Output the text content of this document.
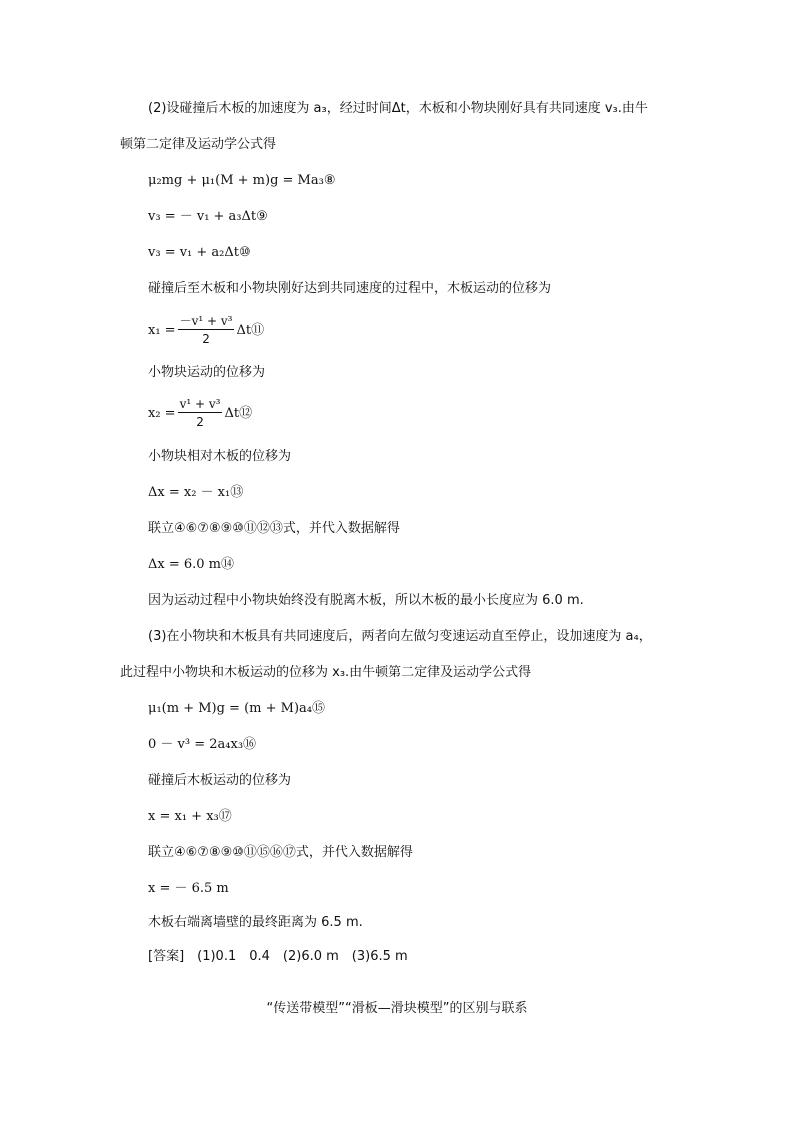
(2)设碰撞后木板的加速度为 a₃，经过时间Δt，木板和小物块刚好具有共同速度 v₃.由牛
顿第二定律及运动学公式得
μ₂mg + μ₁(M + m)g = Ma₃⑧
v₃ = － v₁ + a₃Δt⑨
v₃ = v₁ + a₂Δt⑩
碰撞后至木板和小物块刚好达到共同速度的过程中，木板运动的位移为
$x_1 = \frac{\text{－v¹ + v³}}{2}$ Δt⑪
小物块运动的位移为
$x_2 = \frac{\text{v¹ + v³}}{2}$ Δt⑫
小物块相对木板的位移为
Δx = x₂ － x₁⑬
联立④⑥⑦⑧⑨⑩⑪⑫⑬式，并代入数据解得
Δx = 6.0 m⑭
因为运动过程中小物块始终没有脱离木板，所以木板的最小长度应为 6.0 m.
(3)在小物块和木板具有共同速度后，两者向左做匀变速运动直至停止，设加速度为 a₄，
此过程中小物块和木板运动的位移为 x₃.由牛顿第二定律及运动学公式得
μ₁(m + M)g = (m + M)a₄⑮
0 － v³ = 2a₄x₃⑯
碰撞后木板运动的位移为
x = x₁ + x₃⑰
联立④⑥⑦⑧⑨⑩⑪⑮⑯⑰式，并代入数据解得
x = － 6.5 m
木板右端离墙壁的最终距离为 6.5 m.
[答案]　(1)0.1　0.4　(2)6.0 m　(3)6.5 m
“传送带模型”“滑板—滑块模型”的区别与联系
